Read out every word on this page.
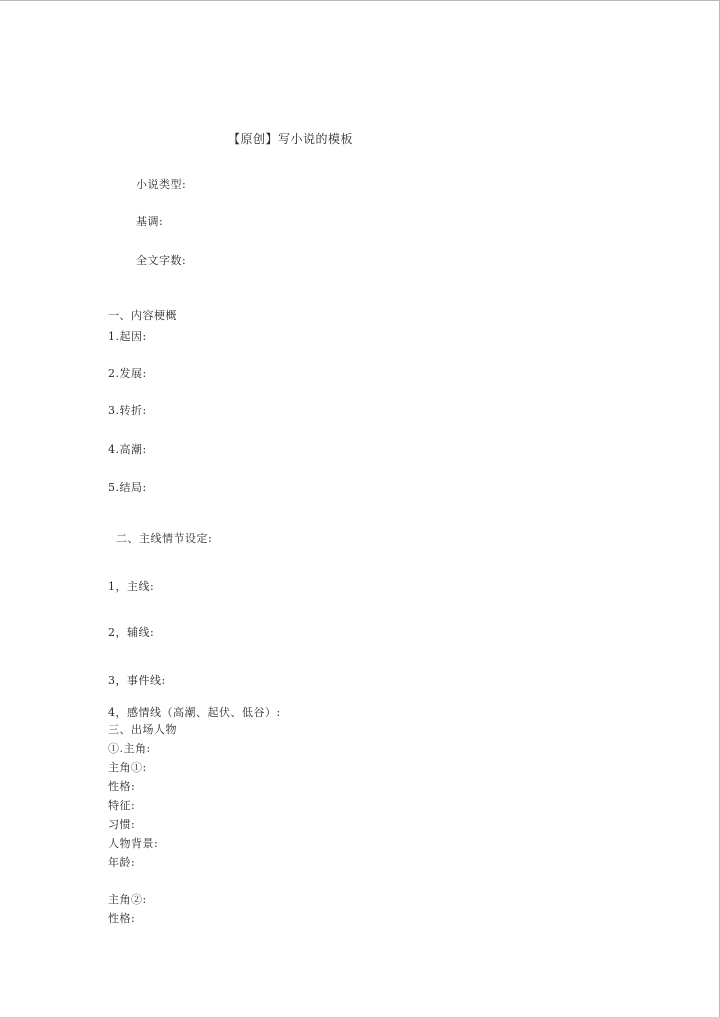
【原创】写小说的模板
小说类型:
基调:
全文字数:
一、内容梗概
1.起因:
2.发展:
3.转折:
4.高潮:
5.结局:
二、主线情节设定:
1，主线:
2，辅线:
3，事件线:
4，感情线（高潮、起伏、低谷）:
三、出场人物
①.主角:
主角①:
性格:
特征:
习惯:
人物背景:
年龄:
主角②:
性格:
